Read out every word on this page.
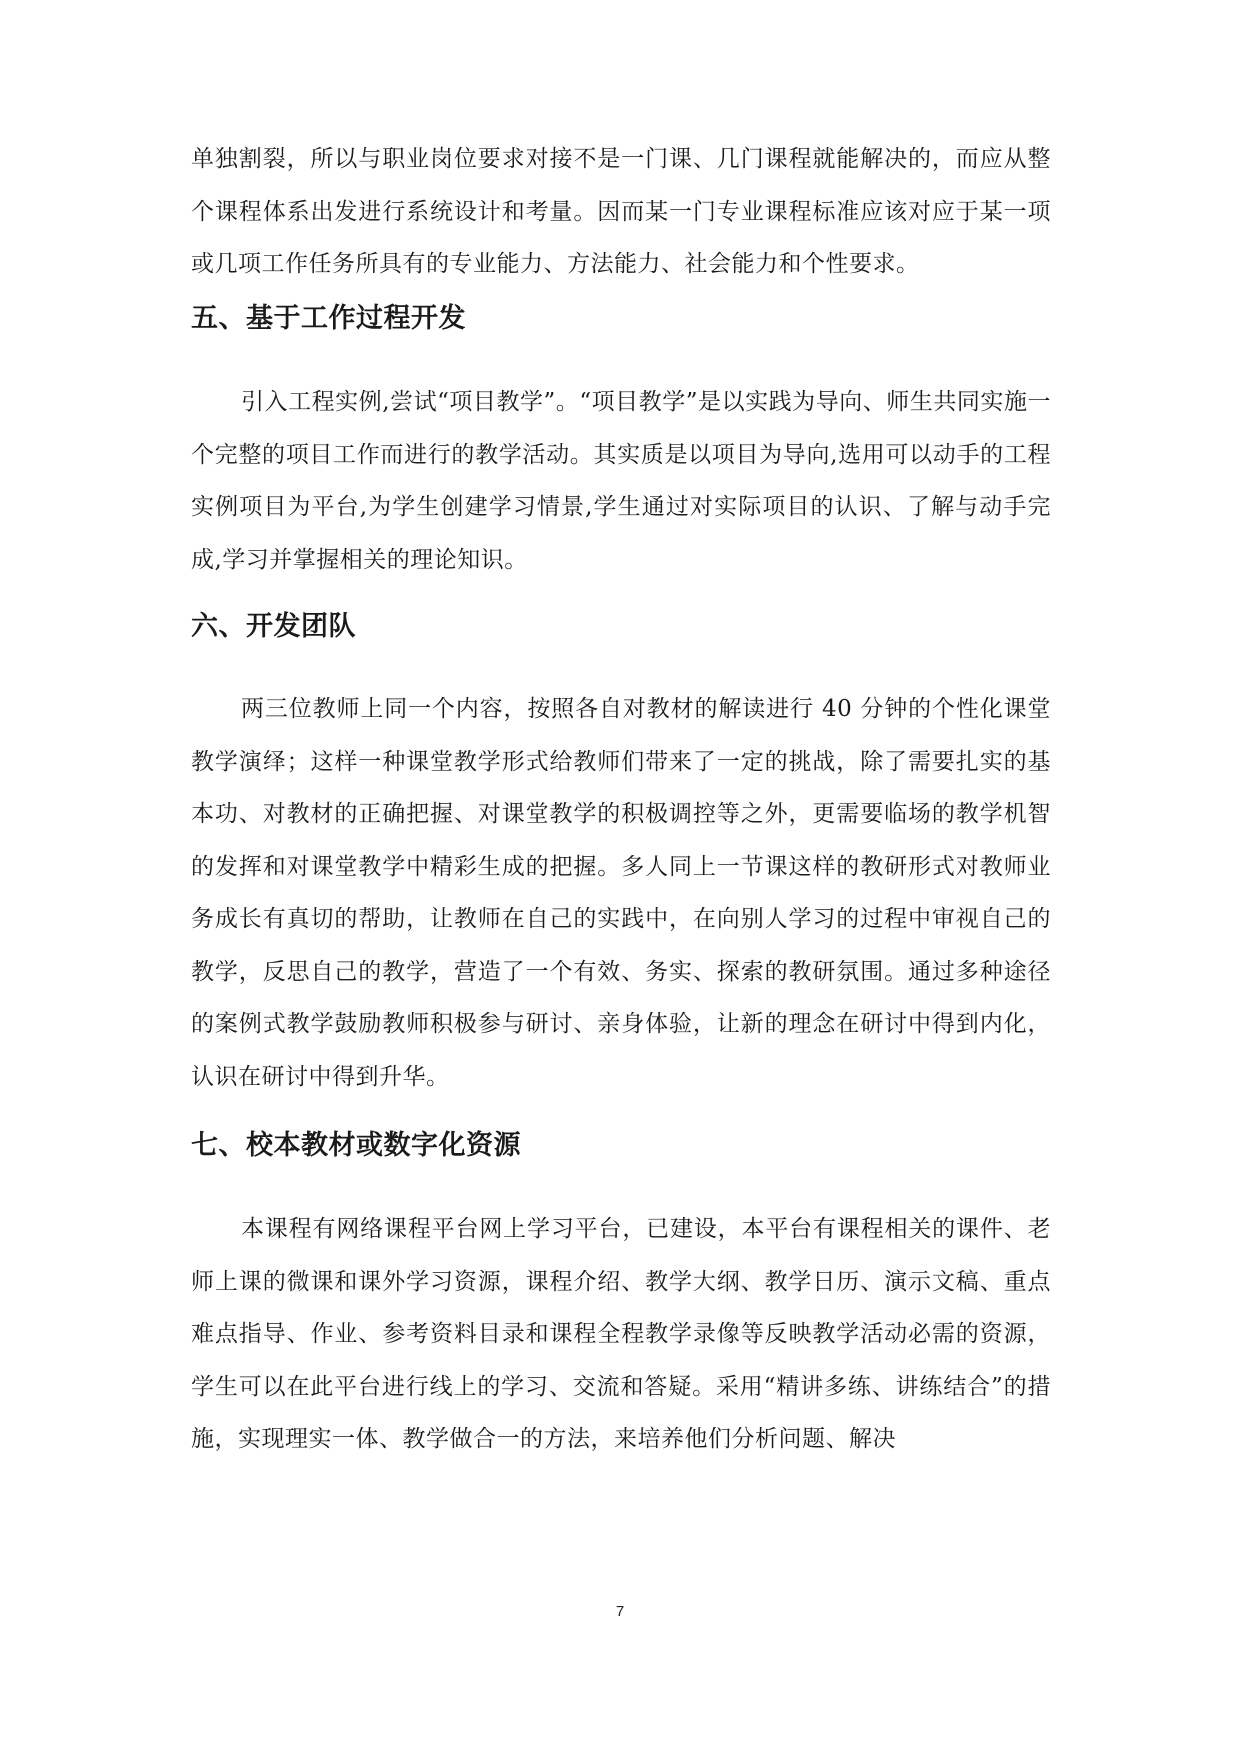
单独割裂，所以与职业岗位要求对接不是一门课、几门课程就能解决的，而应从整个课程体系出发进行系统设计和考量。因而某一门专业课程标准应该对应于某一项或几项工作任务所具有的专业能力、方法能力、社会能力和个性要求。

五、基于工作过程开发

引入工程实例,尝试“项目教学”。“项目教学”是以实践为导向、师生共同实施一个完整的项目工作而进行的教学活动。其实质是以项目为导向,选用可以动手的工程实例项目为平台,为学生创建学习情景,学生通过对实际项目的认识、了解与动手完成,学习并掌握相关的理论知识。

六、开发团队

两三位教师上同一个内容，按照各自对教材的解读进行 40 分钟的个性化课堂教学演绎；这样一种课堂教学形式给教师们带来了一定的挑战，除了需要扎实的基本功、对教材的正确把握、对课堂教学的积极调控等之外，更需要临场的教学机智的发挥和对课堂教学中精彩生成的把握。多人同上一节课这样的教研形式对教师业务成长有真切的帮助，让教师在自己的实践中，在向别人学习的过程中审视自己的教学，反思自己的教学，营造了一个有效、务实、探索的教研氛围。通过多种途径的案例式教学鼓励教师积极参与研讨、亲身体验，让新的理念在研讨中得到内化，认识在研讨中得到升华。

七、校本教材或数字化资源

本课程有网络课程平台网上学习平台，已建设，本平台有课程相关的课件、老师上课的微课和课外学习资源，课程介绍、教学大纲、教学日历、演示文稿、重点难点指导、作业、参考资料目录和课程全程教学录像等反映教学活动必需的资源，学生可以在此平台进行线上的学习、交流和答疑。采用“精讲多练、讲练结合”的措施，实现理实一体、教学做合一的方法，来培养他们分析问题、解决

7
